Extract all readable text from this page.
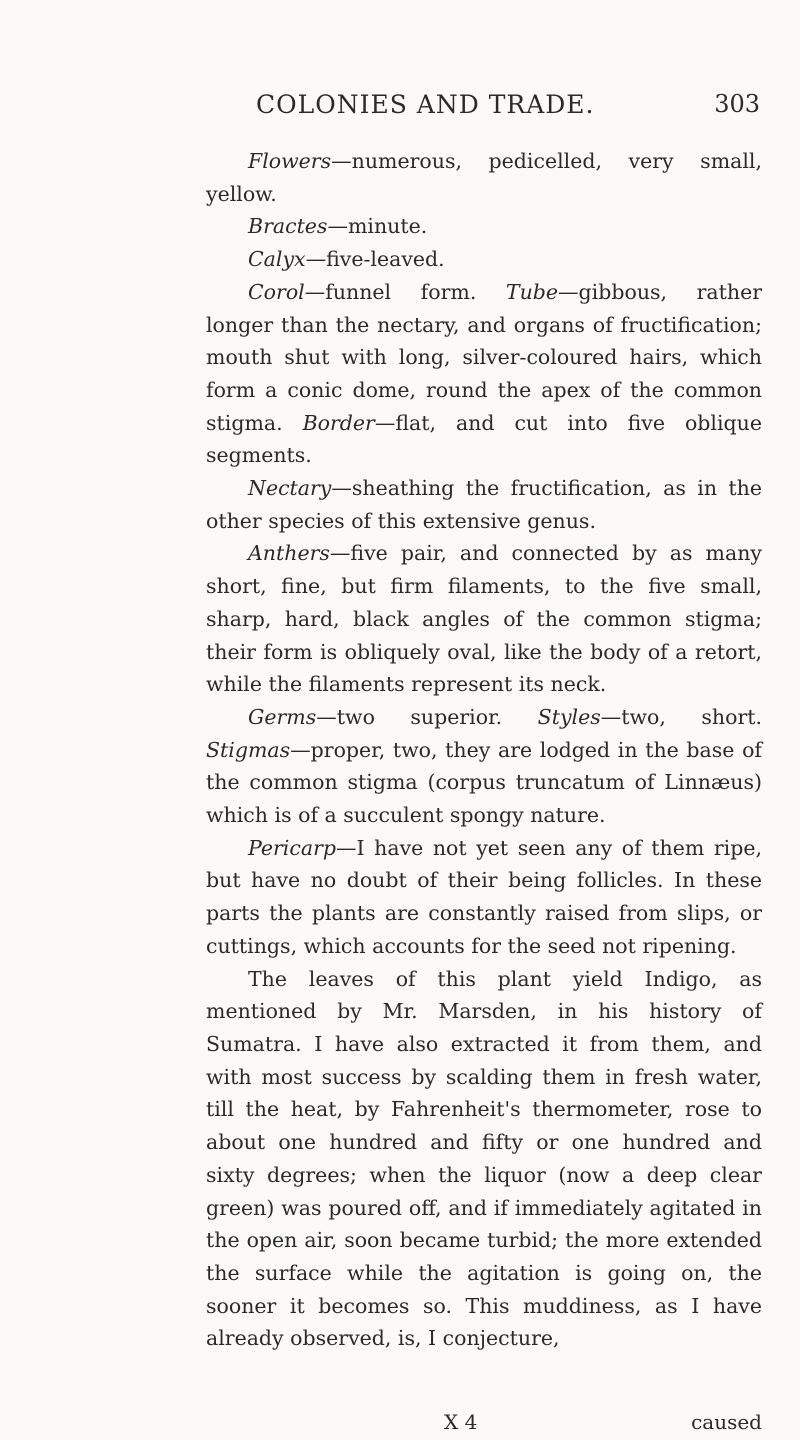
COLONIES AND TRADE.	303

Flowers—numerous, pedicelled, very small, yellow.

Bractes—minute.

Calyx—five-leaved.

Corol—funnel form. Tube—gibbous, rather longer than the nectary, and organs of fructification; mouth shut with long, silver-coloured hairs, which form a conic dome, round the apex of the common stigma. Border—flat, and cut into five oblique segments.

Nectary—sheathing the fructification, as in the other species of this extensive genus.

Anthers—five pair, and connected by as many short, fine, but firm filaments, to the five small, sharp, hard, black angles of the common stigma; their form is obliquely oval, like the body of a retort, while the filaments represent its neck.

Germs—two superior. Styles—two, short. Stigmas—proper, two, they are lodged in the base of the common stigma (corpus truncatum of Linnæus) which is of a succulent spongy nature.

Pericarp—I have not yet seen any of them ripe, but have no doubt of their being follicles. In these parts the plants are constantly raised from slips, or cuttings, which accounts for the seed not ripening.

The leaves of this plant yield Indigo, as mentioned by Mr. Marsden, in his history of Sumatra. I have also extracted it from them, and with most success by scalding them in fresh water, till the heat, by Fahrenheit's thermometer, rose to about one hundred and fifty or one hundred and sixty degrees; when the liquor (now a deep clear green) was poured off, and if immediately agitated in the open air, soon became turbid; the more extended the surface while the agitation is going on, the sooner it becomes so. This muddiness, as I have already observed, is, I conjecture,

X 4	caused
